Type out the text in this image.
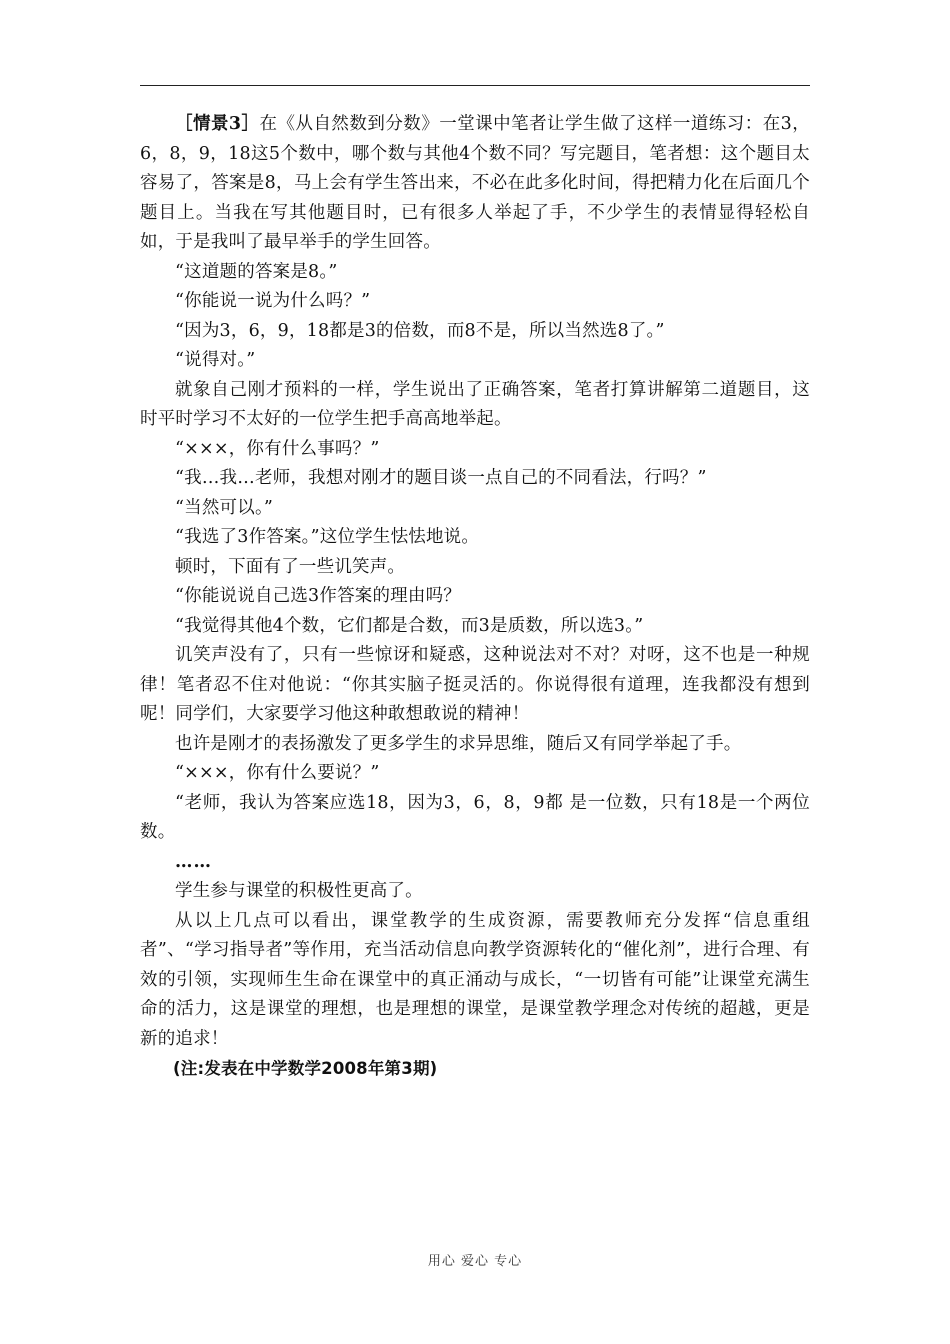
［情景3］在《从自然数到分数》一堂课中笔者让学生做了这样一道练习：在3，6，8，9，18这5个数中，哪个数与其他4个数不同？写完题目，笔者想：这个题目太容易了，答案是8，马上会有学生答出来，不必在此多化时间，得把精力化在后面几个题目上。当我在写其他题目时，已有很多人举起了手，不少学生的表情显得轻松自如，于是我叫了最早举手的学生回答。

“这道题的答案是8。”

“你能说一说为什么吗？”

“因为3，6，9，18都是3的倍数，而8不是，所以当然选8了。”

“说得对。”

就象自己刚才预料的一样，学生说出了正确答案，笔者打算讲解第二道题目，这时平时学习不太好的一位学生把手高高地举起。

“×××，你有什么事吗？”

“我…我…老师，我想对刚才的题目谈一点自己的不同看法，行吗？”

“当然可以。”

“我选了3作答案。”这位学生怯怯地说。

顿时，下面有了一些讥笑声。

“你能说说自己选3作答案的理由吗？

“我觉得其他4个数，它们都是合数，而3是质数，所以选3。”

讥笑声没有了，只有一些惊讶和疑惑，这种说法对不对？对呀，这不也是一种规律！笔者忍不住对他说：“你其实脑子挺灵活的。你说得很有道理，连我都没有想到呢！同学们，大家要学习他这种敢想敢说的精神！

也许是刚才的表扬激发了更多学生的求异思维，随后又有同学举起了手。

“×××，你有什么要说？”

“老师，我认为答案应选18，因为3，6，8，9都 是一位数，只有18是一个两位数。

……

学生参与课堂的积极性更高了。

从以上几点可以看出，课堂教学的生成资源，需要教师充分发挥“信息重组者”、“学习指导者”等作用，充当活动信息向教学资源转化的“催化剂”，进行合理、有效的引领，实现师生生命在课堂中的真正涌动与成长，“一切皆有可能”让课堂充满生命的活力，这是课堂的理想，也是理想的课堂，是课堂教学理念对传统的超越，更是新的追求！

(注:发表在中学数学2008年第3期)

用心 爱心 专心
